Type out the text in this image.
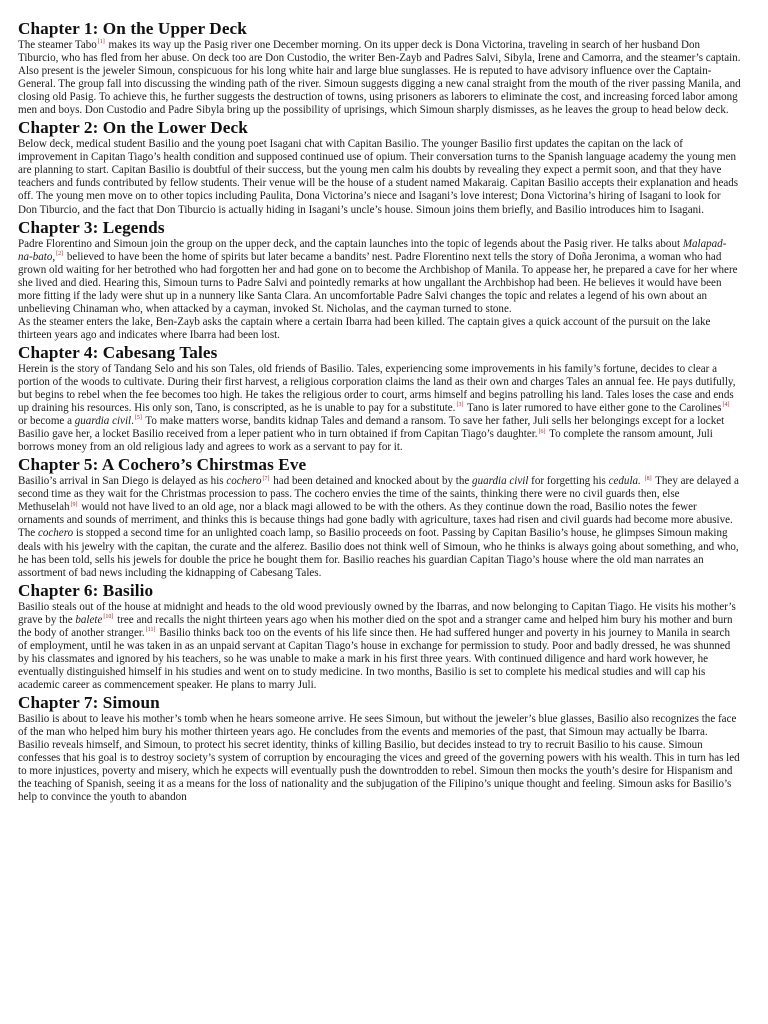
Chapter 1: On the Upper Deck

The steamer Tabo[1] makes its way up the Pasig river one December morning. On its upper deck is Dona Victorina, traveling in search of her husband Don Tiburcio, who has fled from her abuse. On deck too are Don Custodio, the writer Ben-Zayb and Padres Salvi, Sibyla, Irene and Camorra, and the steamer’s captain. Also present is the jeweler Simoun, conspicuous for his long white hair and large blue sunglasses. He is reputed to have advisory influence over the Captain-General. The group fall into discussing the winding path of the river. Simoun suggests digging a new canal straight from the mouth of the river passing Manila, and closing old Pasig. To achieve this, he further suggests the destruction of towns, using prisoners as laborers to eliminate the cost, and increasing forced labor among men and boys. Don Custodio and Padre Sibyla bring up the possibility of uprisings, which Simoun sharply dismisses, as he leaves the group to head below deck.

Chapter 2: On the Lower Deck

Below deck, medical student Basilio and the young poet Isagani chat with Capitan Basilio. The younger Basilio first updates the capitan on the lack of improvement in Capitan Tiago’s health condition and supposed continued use of opium. Their conversation turns to the Spanish language academy the young men are planning to start. Capitan Basilio is doubtful of their success, but the young men calm his doubts by revealing they expect a permit soon, and that they have teachers and funds contributed by fellow students. Their venue will be the house of a student named Makaraig. Capitan Basilio accepts their explanation and heads off. The young men move on to other topics including Paulita, Dona Victorina’s niece and Isagani’s love interest; Dona Victorina’s hiring of Isagani to look for Don Tiburcio, and the fact that Don Tiburcio is actually hiding in Isagani’s uncle’s house. Simoun joins them briefly, and Basilio introduces him to Isagani.

Chapter 3: Legends

Padre Florentino and Simoun join the group on the upper deck, and the captain launches into the topic of legends about the Pasig river. He talks about Malapad-na-bato,[2] believed to have been the home of spirits but later became a bandits’ nest. Padre Florentino next tells the story of Doña Jeronima, a woman who had grown old waiting for her betrothed who had forgotten her and had gone on to become the Archbishop of Manila. To appease her, he prepared a cave for her where she lived and died. Hearing this, Simoun turns to Padre Salvi and pointedly remarks at how ungallant the Archbishop had been. He believes it would have been more fitting if the lady were shut up in a nunnery like Santa Clara. An uncomfortable Padre Salvi changes the topic and relates a legend of his own about an unbelieving Chinaman who, when attacked by a cayman, invoked St. Nicholas, and the cayman turned to stone.

As the steamer enters the lake, Ben-Zayb asks the captain where a certain Ibarra had been killed. The captain gives a quick account of the pursuit on the lake thirteen years ago and indicates where Ibarra had been lost.

Chapter 4: Cabesang Tales

Herein is the story of Tandang Selo and his son Tales, old friends of Basilio. Tales, experiencing some improvements in his family’s fortune, decides to clear a portion of the woods to cultivate. During their first harvest, a religious corporation claims the land as their own and charges Tales an annual fee. He pays dutifully, but begins to rebel when the fee becomes too high. He takes the religious order to court, arms himself and begins patrolling his land. Tales loses the case and ends up draining his resources. His only son, Tano, is conscripted, as he is unable to pay for a substitute.[3] Tano is later rumored to have either gone to the Carolines[4] or become a guardia civil.[5] To make matters worse, bandits kidnap Tales and demand a ransom. To save her father, Juli sells her belongings except for a locket Basilio gave her, a locket Basilio received from a leper patient who in turn obtained if from Capitan Tiago’s daughter.[6] To complete the ransom amount, Juli borrows money from an old religious lady and agrees to work as a servant to pay for it.

Chapter 5: A Cochero’s Chirstmas Eve

Basilio’s arrival in San Diego is delayed as his cochero[7] had been detained and knocked about by the guardia civil for forgetting his cedula. [8] They are delayed a second time as they wait for the Christmas procession to pass. The cochero envies the time of the saints, thinking there were no civil guards then, else Methuselah[9] would not have lived to an old age, nor a black magi allowed to be with the others. As they continue down the road, Basilio notes the fewer ornaments and sounds of merriment, and thinks this is because things had gone badly with agriculture, taxes had risen and civil guards had become more abusive. The cochero is stopped a second time for an unlighted coach lamp, so Basilio proceeds on foot. Passing by Capitan Basilio’s house, he glimpses Simoun making deals with his jewelry with the capitan, the curate and the alferez. Basilio does not think well of Simoun, who he thinks is always going about something, and who, he has been told, sells his jewels for double the price he bought them for. Basilio reaches his guardian Capitan Tiago’s house where the old man narrates an assortment of bad news including the kidnapping of Cabesang Tales.

Chapter 6: Basilio

Basilio steals out of the house at midnight and heads to the old wood previously owned by the Ibarras, and now belonging to Capitan Tiago. He visits his mother’s grave by the balete[10] tree and recalls the night thirteen years ago when his mother died on the spot and a stranger came and helped him bury his mother and burn the body of another stranger.[11] Basilio thinks back too on the events of his life since then. He had suffered hunger and poverty in his journey to Manila in search of employment, until he was taken in as an unpaid servant at Capitan Tiago’s house in exchange for permission to study. Poor and badly dressed, he was shunned by his classmates and ignored by his teachers, so he was unable to make a mark in his first three years. With continued diligence and hard work however, he eventually distinguished himself in his studies and went on to study medicine. In two months, Basilio is set to complete his medical studies and will cap his academic career as commencement speaker. He plans to marry Juli.

Chapter 7: Simoun

Basilio is about to leave his mother’s tomb when he hears someone arrive. He sees Simoun, but without the jeweler’s blue glasses, Basilio also recognizes the face of the man who helped him bury his mother thirteen years ago. He concludes from the events and memories of the past, that Simoun may actually be Ibarra. Basilio reveals himself, and Simoun, to protect his secret identity, thinks of killing Basilio, but decides instead to try to recruit Basilio to his cause. Simoun confesses that his goal is to destroy society’s system of corruption by encouraging the vices and greed of the governing powers with his wealth. This in turn has led to more injustices, poverty and misery, which he expects will eventually push the downtrodden to rebel. Simoun then mocks the youth’s desire for Hispanism and the teaching of Spanish, seeing it as a means for the loss of nationality and the subjugation of the Filipino’s unique thought and feeling. Simoun asks for Basilio’s help to convince the youth to abandon
